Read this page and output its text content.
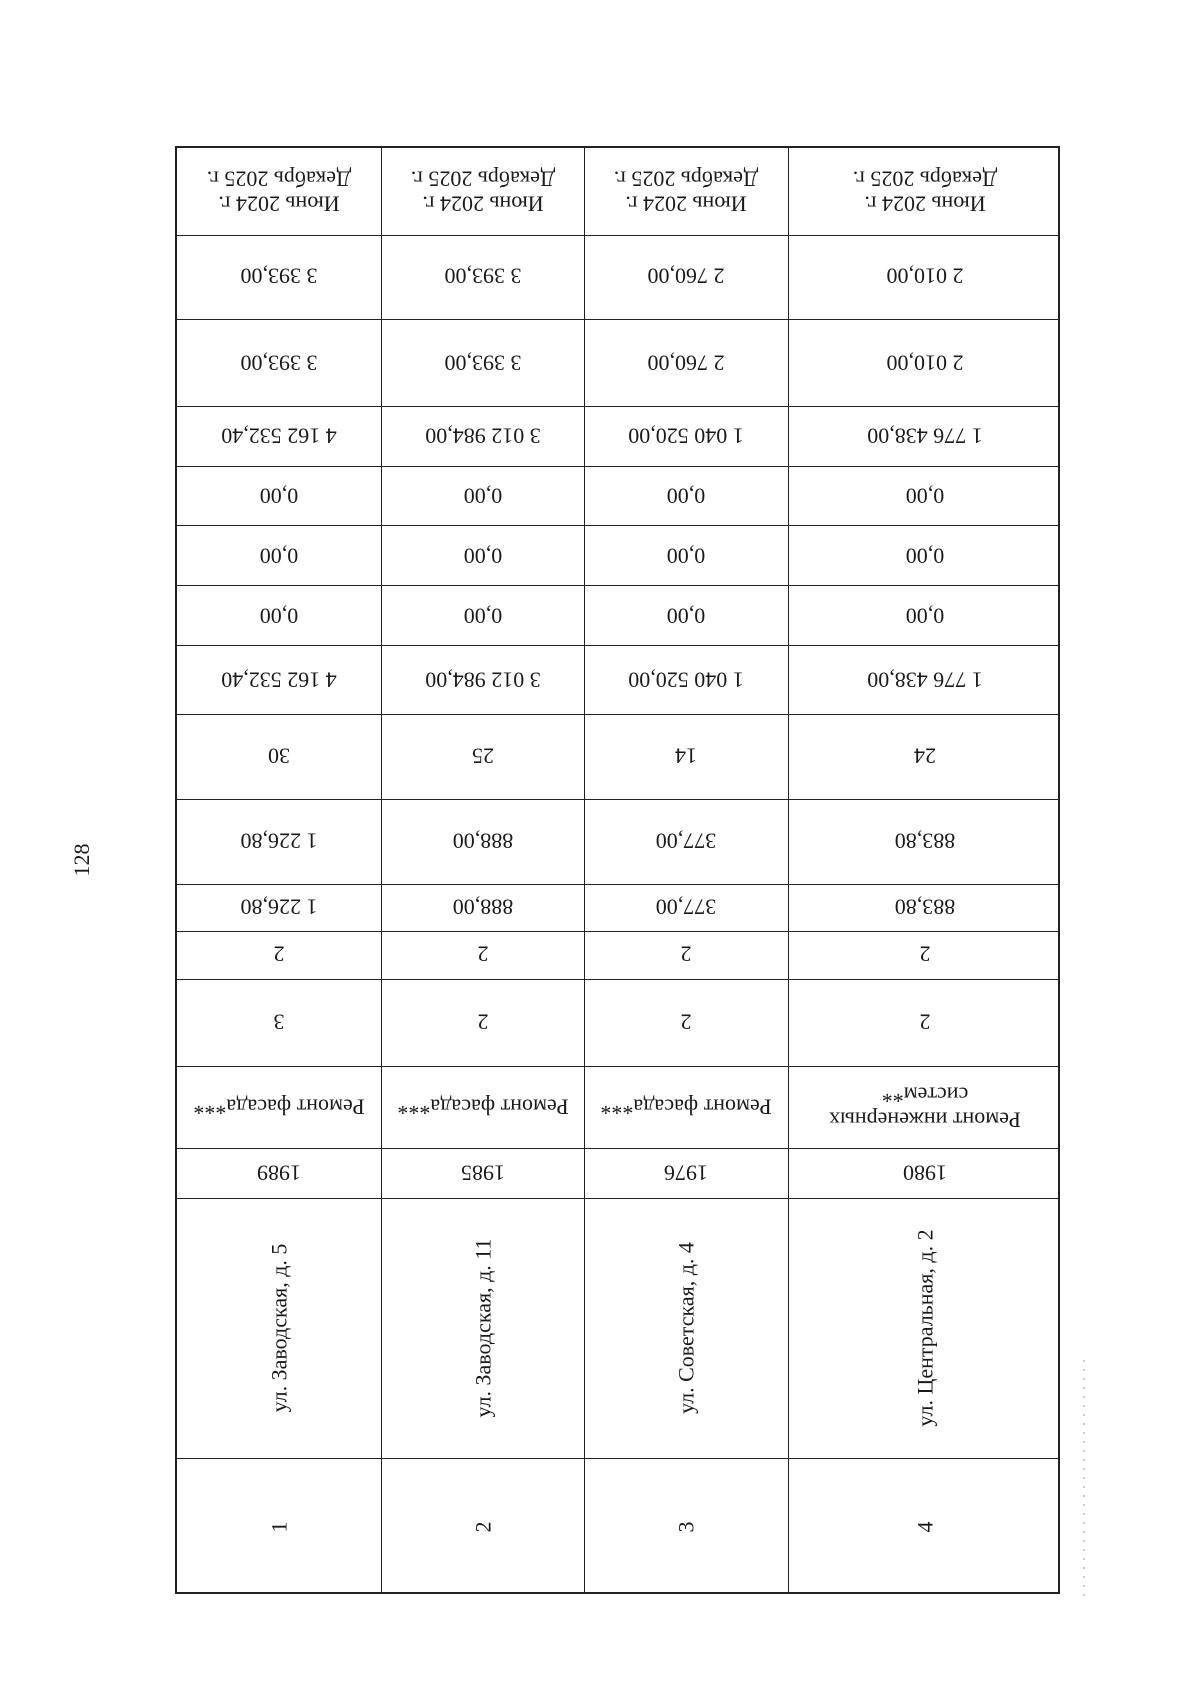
128
Июнь 2024 г.
Декабрь 2025 г.
3 393,00
3 393,00
4 162 532,40
0,00
0,00
0,00
4 162 532,40
30
1 226,80
1 226,80
2
3
Ремонт фасада***
1989
ул. Заводская, д. 5
1
Июнь 2024 г.
Декабрь 2025 г.
3 393,00
3 393,00
3 012 984,00
0,00
0,00
0,00
3 012 984,00
25
888,00
888,00
2
2
Ремонт фасада***
1985
ул. Заводская, д. 11
2
Июнь 2024 г.
Декабрь 2025 г.
2 760,00
2 760,00
1 040 520,00
0,00
0,00
0,00
1 040 520,00
14
377,00
377,00
2
2
Ремонт фасада***
1976
ул. Советская, д. 4
3
Июнь 2024 г.
Декабрь 2025 г.
2 010,00
2 010,00
1 776 438,00
0,00
0,00
0,00
1 776 438,00
24
883,80
883,80
2
2
Ремонт инженерных систем**
1980
ул. Центральная, д. 2
4
